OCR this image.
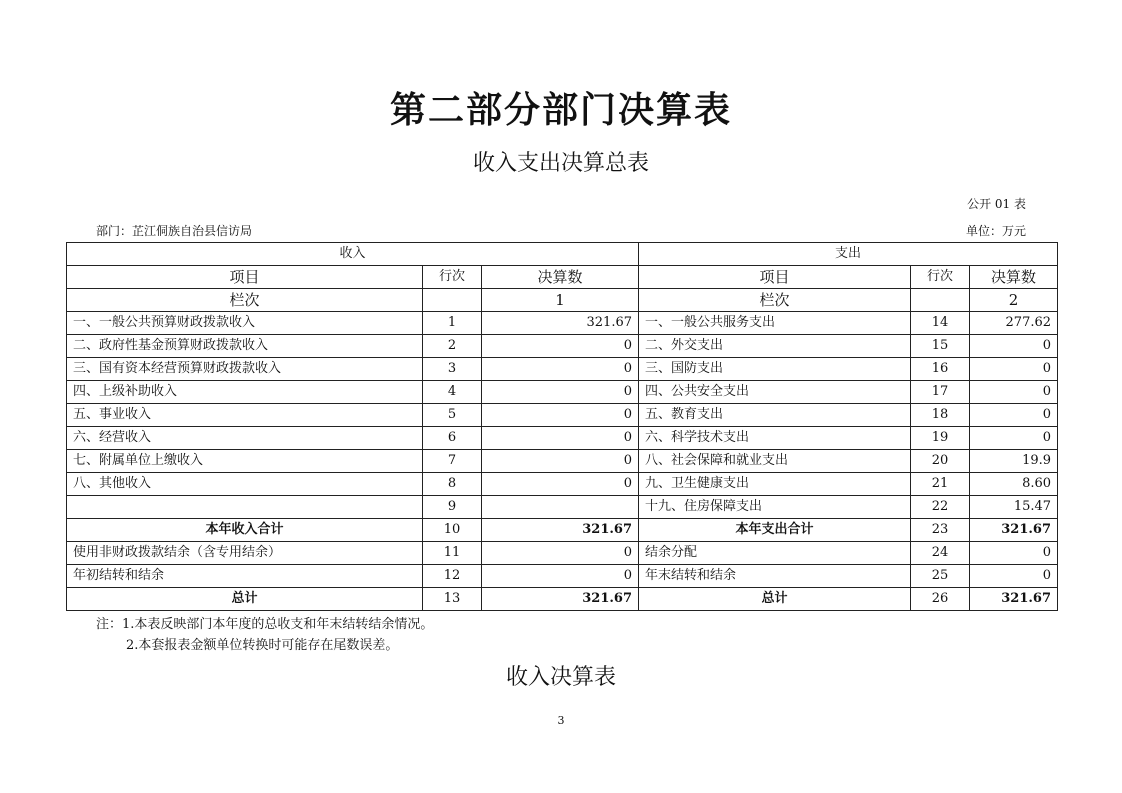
第二部分部门决算表
收入支出决算总表
公开 01 表
部门：芷江侗族自治县信访局	单位：万元
收入			支出		
项目	行次	决算数	项目	行次	决算数
栏次		1	栏次		2
一、一般公共预算财政拨款收入	1	321.67	一、一般公共服务支出	14	277.62
二、政府性基金预算财政拨款收入	2	0	二、外交支出	15	0
三、国有资本经营预算财政拨款收入	3	0	三、国防支出	16	0
四、上级补助收入	4	0	四、公共安全支出	17	0
五、事业收入	5	0	五、教育支出	18	0
六、经营收入	6	0	六、科学技术支出	19	0
七、附属单位上缴收入	7	0	八、社会保障和就业支出	20	19.9
八、其他收入	8	0	九、卫生健康支出	21	8.60
	9		十九、住房保障支出	22	15.47
本年收入合计	10	321.67	本年支出合计	23	321.67
使用非财政拨款结余（含专用结余）	11	0	结余分配	24	0
年初结转和结余	12	0	年末结转和结余	25	0
总计	13	321.67	总计	26	321.67
注：1.本表反映部门本年度的总收支和年末结转结余情况。
2.本套报表金额单位转换时可能存在尾数误差。
收入决算表
3
